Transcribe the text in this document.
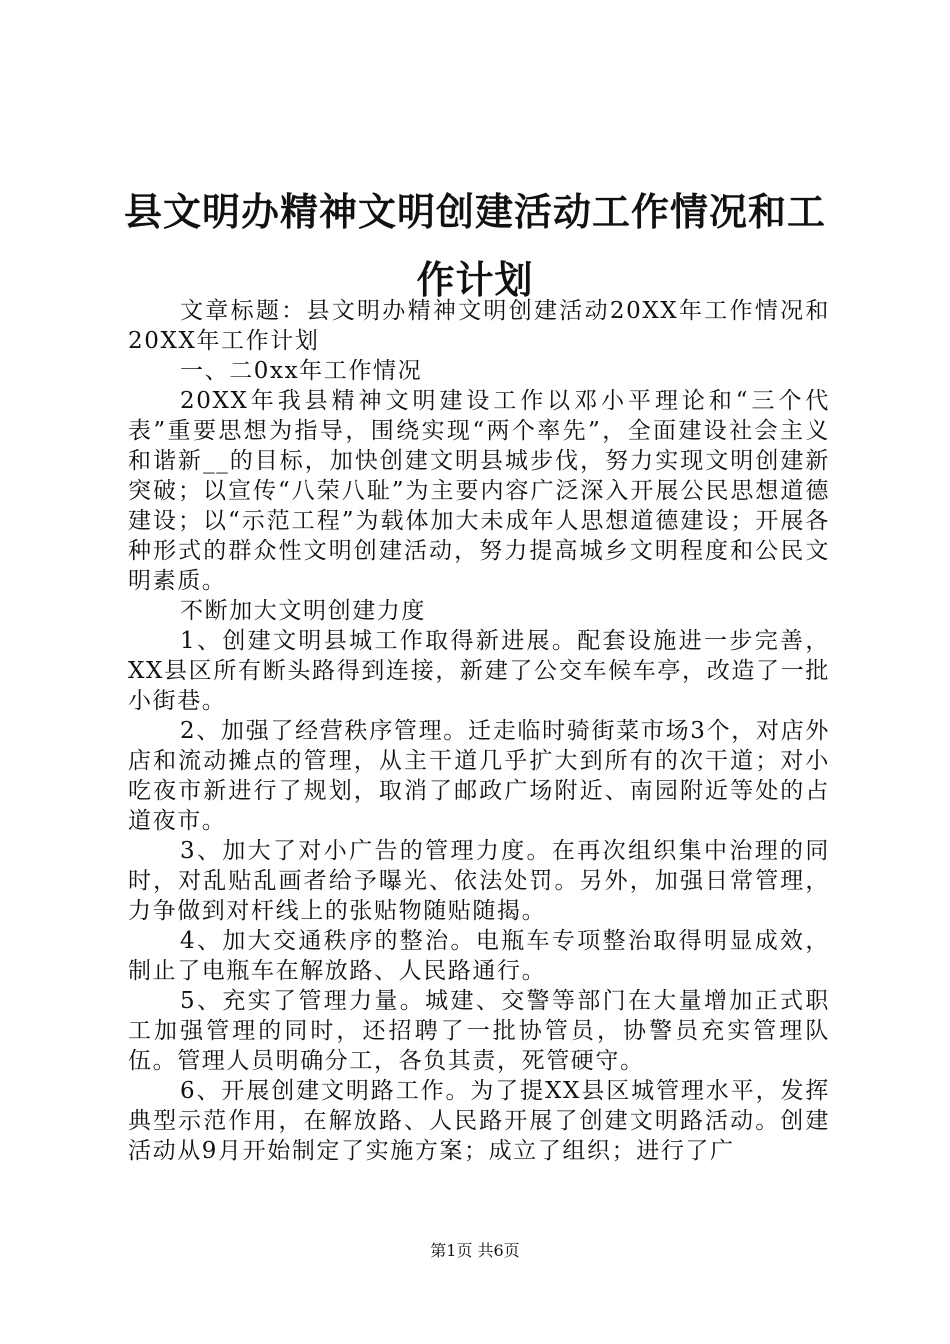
县文明办精神文明创建活动工作情况和工作计划

文章标题：县文明办精神文明创建活动20XX年工作情况和20XX年工作计划

一、二0xx年工作情况

20XX年我县精神文明建设工作以邓小平理论和“三个代表”重要思想为指导，围绕实现“两个率先”，全面建设社会主义和谐新__的目标，加快创建文明县城步伐，努力实现文明创建新突破；以宣传“八荣八耻”为主要内容广泛深入开展公民思想道德建设；以“示范工程”为载体加大未成年人思想道德建设；开展各种形式的群众性文明创建活动，努力提高城乡文明程度和公民文明素质。

不断加大文明创建力度

1、创建文明县城工作取得新进展。配套设施进一步完善，XX县区所有断头路得到连接，新建了公交车候车亭，改造了一批小街巷。

2、加强了经营秩序管理。迁走临时骑街菜市场3个，对店外店和流动摊点的管理，从主干道几乎扩大到所有的次干道；对小吃夜市新进行了规划，取消了邮政广场附近、南园附近等处的占道夜市。

3、加大了对小广告的管理力度。在再次组织集中治理的同时，对乱贴乱画者给予曝光、依法处罚。另外，加强日常管理，力争做到对杆线上的张贴物随贴随揭。

4、加大交通秩序的整治。电瓶车专项整治取得明显成效，制止了电瓶车在解放路、人民路通行。

5、充实了管理力量。城建、交警等部门在大量增加正式职工加强管理的同时，还招聘了一批协管员，协警员充实管理队伍。管理人员明确分工，各负其责，死管硬守。

6、开展创建文明路工作。为了提XX县区城管理水平，发挥典型示范作用，在解放路、人民路开展了创建文明路活动。创建活动从9月开始制定了实施方案；成立了组织；进行了广

第1页 共6页
